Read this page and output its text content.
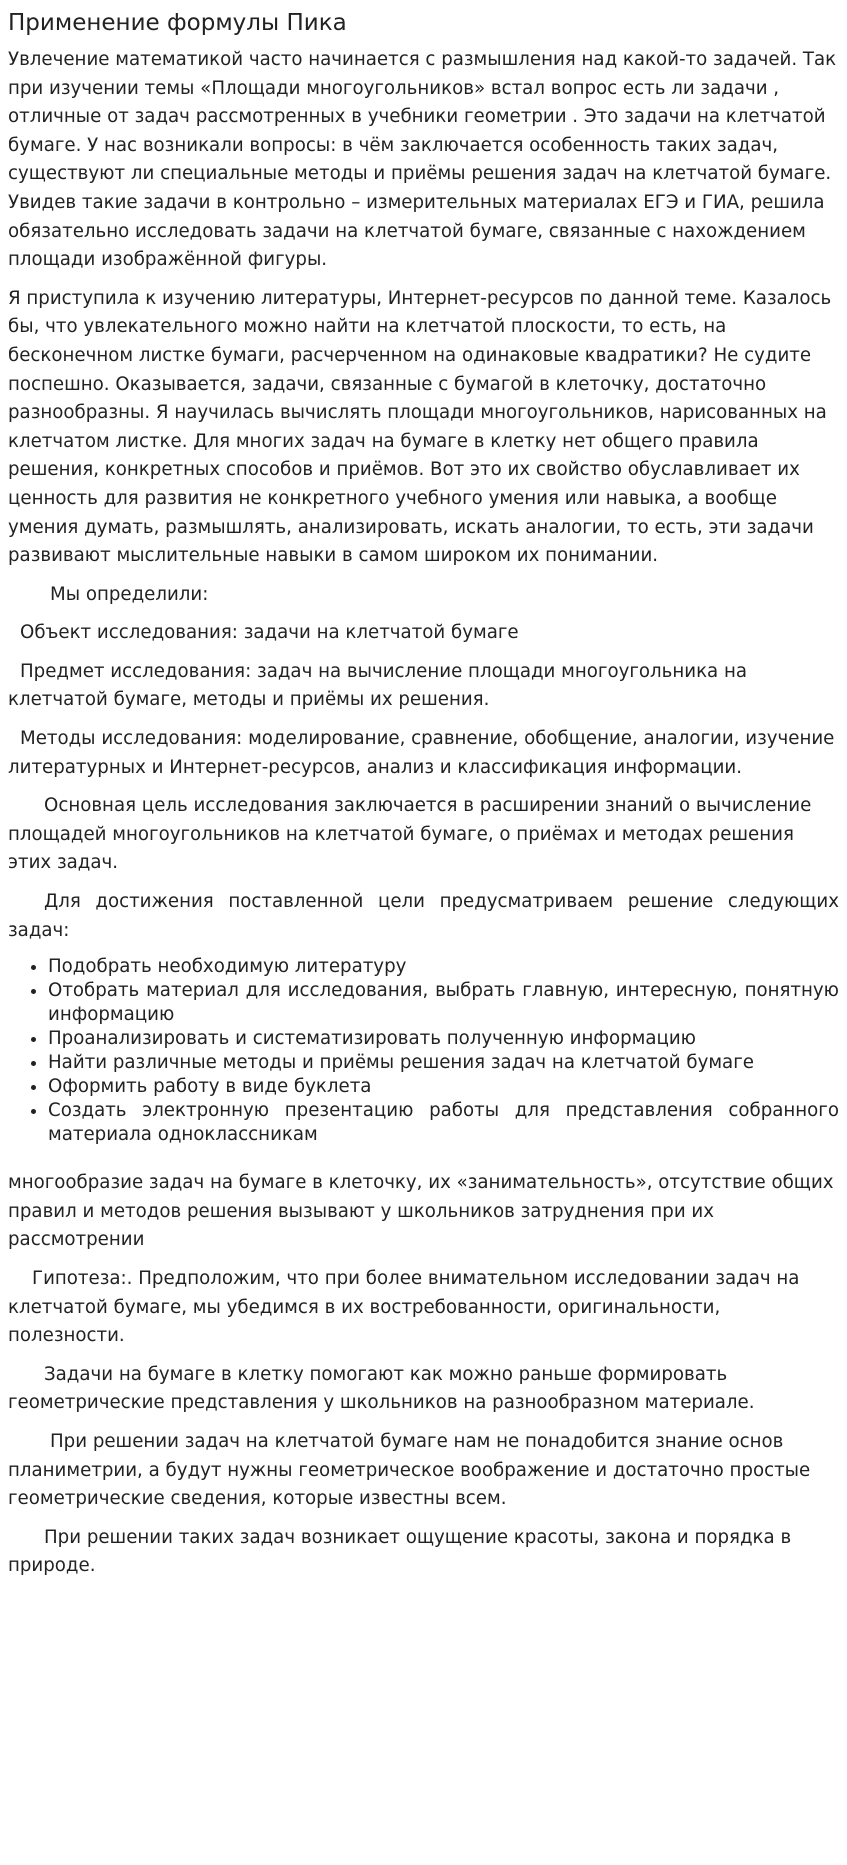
Применение формулы Пика

Увлечение математикой часто начинается с размышления над какой-то задачей. Так при изучении темы «Площади многоугольников» встал вопрос есть ли задачи , отличные от задач рассмотренных в учебники геометрии . Это задачи на клетчатой бумаге. У нас возникали вопросы: в чём заключается особенность таких задач, существуют ли специальные методы и приёмы решения задач на клетчатой бумаге. Увидев такие задачи в контрольно – измерительных материалах ЕГЭ и ГИА, решила обязательно исследовать задачи на клетчатой бумаге, связанные с нахождением площади изображённой фигуры.

Я приступила к изучению литературы, Интернет-ресурсов по данной теме. Казалось бы, что увлекательного можно найти на клетчатой плоскости, то есть, на бесконечном листке бумаги, расчерченном на одинаковые квадратики? Не судите поспешно. Оказывается, задачи, связанные с бумагой в клеточку, достаточно разнообразны. Я научилась вычислять площади многоугольников, нарисованных на клетчатом листке. Для многих задач на бумаге в клетку нет общего правила решения, конкретных способов и приёмов. Вот это их свойство обуславливает их ценность для развития не конкретного учебного умения или навыка, а вообще умения думать, размышлять, анализировать, искать аналогии, то есть, эти задачи развивают мыслительные навыки в самом широком их понимании.

Мы определили:

Объект исследования: задачи на клетчатой бумаге

Предмет исследования: задач на вычисление площади многоугольника на клетчатой бумаге, методы и приёмы их решения.

Методы исследования: моделирование, сравнение, обобщение, аналогии, изучение литературных и Интернет-ресурсов, анализ и классификация информации.

Основная цель исследования заключается в расширении знаний о вычисление площадей многоугольников на клетчатой бумаге, о приёмах и методах решения этих задач.

Для достижения поставленной цели предусматриваем решение следующих задач:

• Подобрать необходимую литературу
• Отобрать материал для исследования, выбрать главную, интересную, понятную информацию
• Проанализировать и систематизировать полученную информацию
• Найти различные методы и приёмы решения задач на клетчатой бумаге
• Оформить работу в виде буклета
• Создать электронную презентацию работы для представления собранного материала одноклассникам

многообразие задач на бумаге в клеточку, их «занимательность», отсутствие общих правил и методов решения вызывают у школьников затруднения при их рассмотрении

Гипотеза:. Предположим, что при более внимательном исследовании задач на клетчатой бумаге, мы убедимся в их востребованности, оригинальности, полезности.

Задачи на бумаге в клетку помогают как можно раньше формировать геометрические представления у школьников на разнообразном материале.

При решении задач на клетчатой бумаге нам не понадобится знание основ планиметрии, а будут нужны геометрическое воображение и достаточно простые геометрические сведения, которые известны всем.

При решении таких задач возникает ощущение красоты, закона и порядка в природе.
